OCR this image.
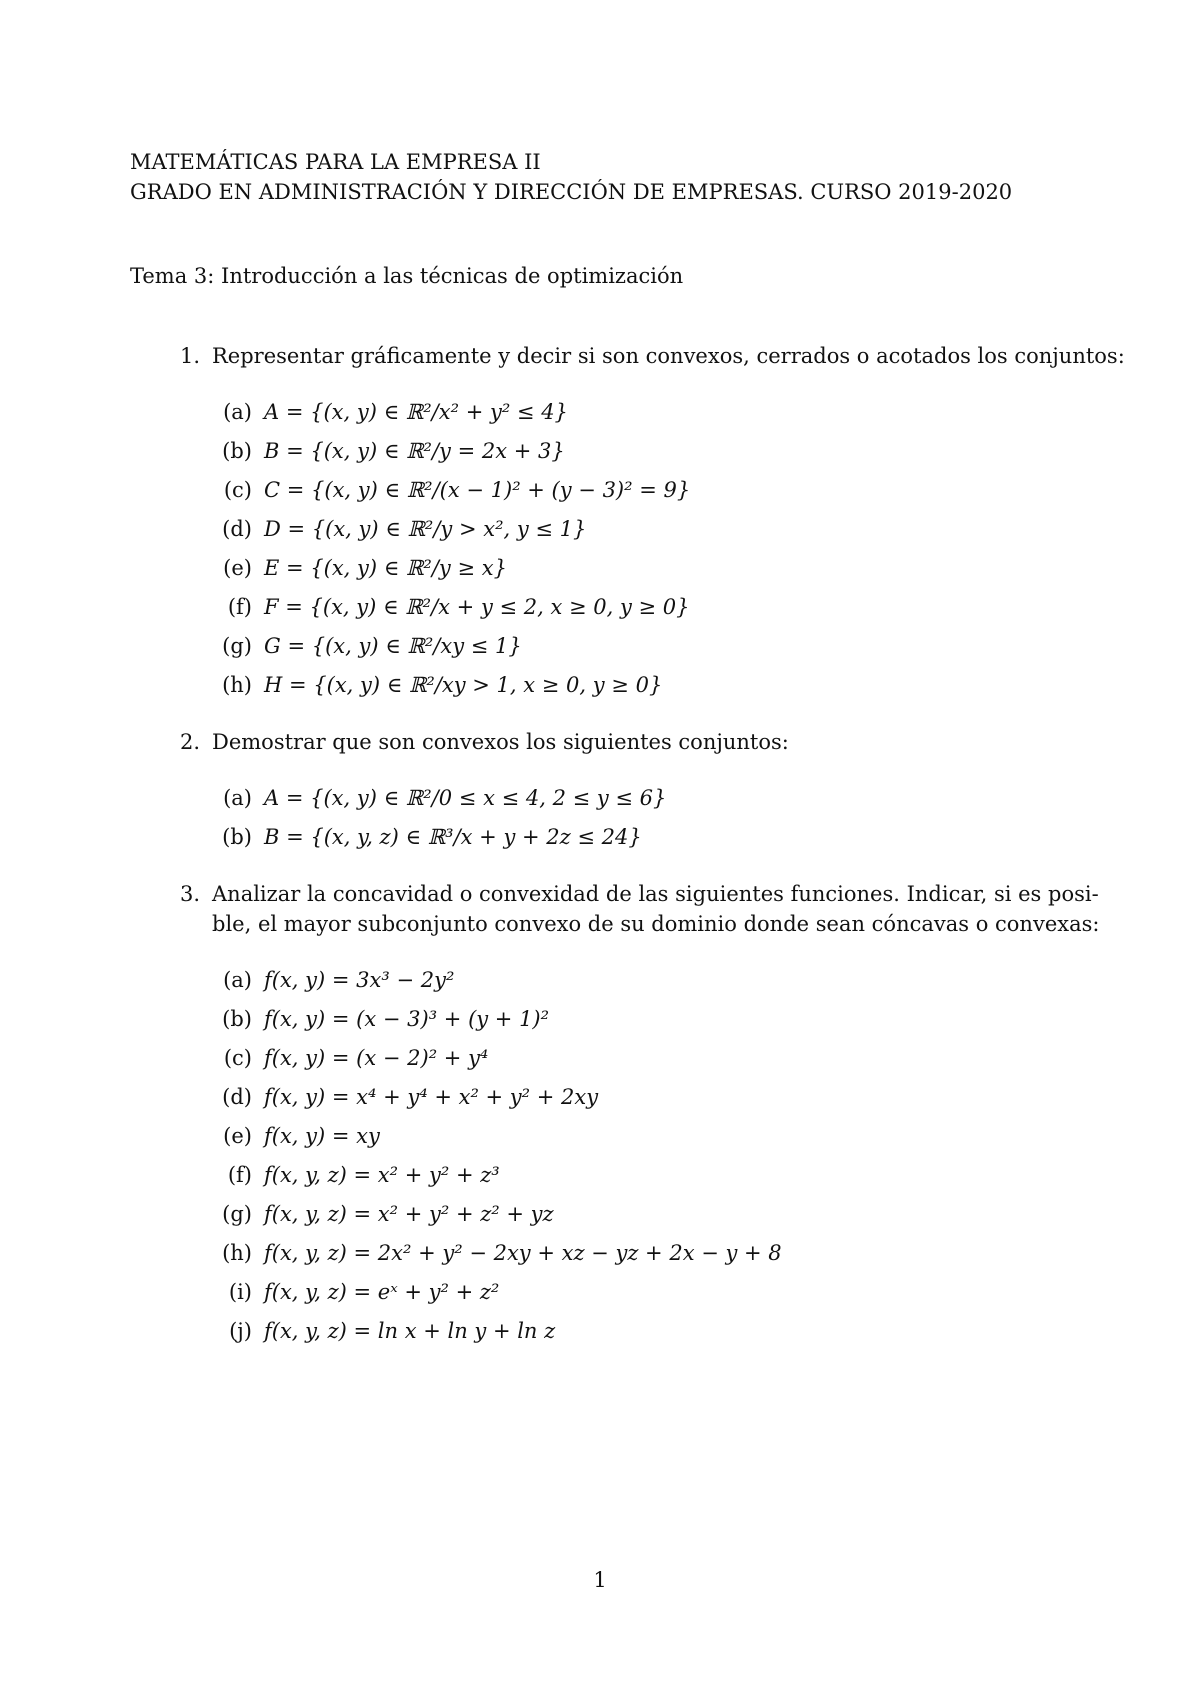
MATEMÁTICAS PARA LA EMPRESA II
GRADO EN ADMINISTRACIÓN Y DIRECCIÓN DE EMPRESAS. CURSO 2019-2020
Tema 3: Introducción a las técnicas de optimización
1. Representar gráficamente y decir si son convexos, cerrados o acotados los conjuntos:
(a) A = {(x, y) ∈ ℝ²/x² + y² ≤ 4}
(b) B = {(x, y) ∈ ℝ²/y = 2x + 3}
(c) C = {(x, y) ∈ ℝ²/(x − 1)² + (y − 3)² = 9}
(d) D = {(x, y) ∈ ℝ²/y > x², y ≤ 1}
(e) E = {(x, y) ∈ ℝ²/y ≥ x}
(f) F = {(x, y) ∈ ℝ²/x + y ≤ 2, x ≥ 0, y ≥ 0}
(g) G = {(x, y) ∈ ℝ²/xy ≤ 1}
(h) H = {(x, y) ∈ ℝ²/xy > 1, x ≥ 0, y ≥ 0}
2. Demostrar que son convexos los siguientes conjuntos:
(a) A = {(x, y) ∈ ℝ²/0 ≤ x ≤ 4, 2 ≤ y ≤ 6}
(b) B = {(x, y, z) ∈ ℝ³/x + y + 2z ≤ 24}
3. Analizar la concavidad o convexidad de las siguientes funciones. Indicar, si es posi-
ble, el mayor subconjunto convexo de su dominio donde sean cóncavas o convexas:
(a) f(x, y) = 3x³ − 2y²
(b) f(x, y) = (x − 3)³ + (y + 1)²
(c) f(x, y) = (x − 2)² + y⁴
(d) f(x, y) = x⁴ + y⁴ + x² + y² + 2xy
(e) f(x, y) = xy
(f) f(x, y, z) = x² + y² + z³
(g) f(x, y, z) = x² + y² + z² + yz
(h) f(x, y, z) = 2x² + y² − 2xy + xz − yz + 2x − y + 8
(i) f(x, y, z) = eˣ + y² + z²
(j) f(x, y, z) = ln x + ln y + ln z
1
